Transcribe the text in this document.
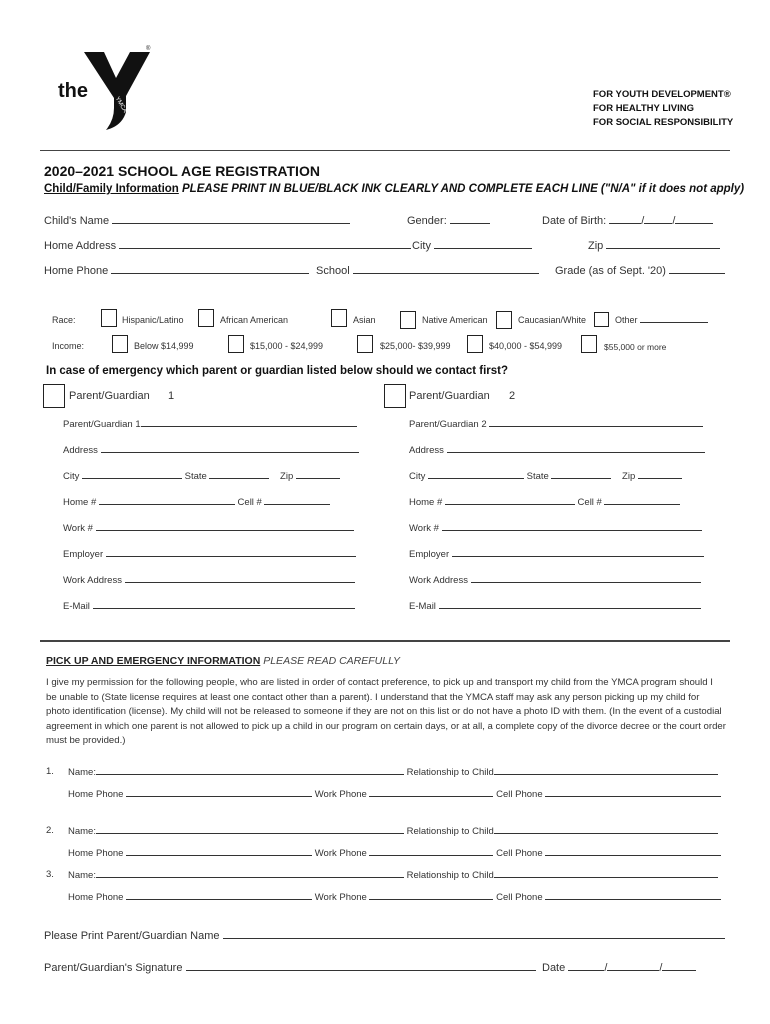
the
YMCA
®
FOR YOUTH DEVELOPMENT®
FOR HEALTHY LIVING
FOR SOCIAL RESPONSIBILITY
2020–2021 SCHOOL AGE REGISTRATION
Child/Family Information PLEASE PRINT IN BLUE/BLACK INK CLEARLY AND COMPLETE EACH LINE ("N/A" if it does not apply)
Child's Name	Gender:	Date of Birth:	/	/
Home Address	City	Zip
Home Phone	School	Grade (as of Sept. '20)
Race:	Hispanic/Latino	African American	Asian	Native American	Caucasian/White	Other
Income:	Below $14,999	$15,000 - $24,999	$25,000- $39,999	$40,000 - $54,999	$55,000 or more
In case of emergency which parent or guardian listed below should we contact first?
Parent/Guardian 1	Parent/Guardian 2
Parent/Guardian 1
Address
City	State	Zip
Home #	Cell #
Work #
Employer
Work Address
E-Mail
Parent/Guardian 2
Address
City	State	Zip
Home #	Cell #
Work #
Employer
Work Address
E-Mail
PICK UP AND EMERGENCY INFORMATION PLEASE READ CAREFULLY
I give my permission for the following people, who are listed in order of contact preference, to pick up and transport my child from the YMCA program should I be unable to (State license requires at least one contact other than a parent). I understand that the YMCA staff may ask any person picking up my child for photo identification (license). My child will not be released to someone if they are not on this list or do not have a photo ID with them. (In the event of a custodial agreement in which one parent is not allowed to pick up a child in our program on certain days, or at all, a complete copy of the divorce decree or the court order must be provided.)
1. Name:	Relationship to Child
Home Phone	Work Phone	Cell Phone
2. Name:	Relationship to Child
Home Phone	Work Phone	Cell Phone
3. Name:	Relationship to Child
Home Phone	Work Phone	Cell Phone
Please Print Parent/Guardian Name
Parent/Guardian's Signature	Date	/	/
